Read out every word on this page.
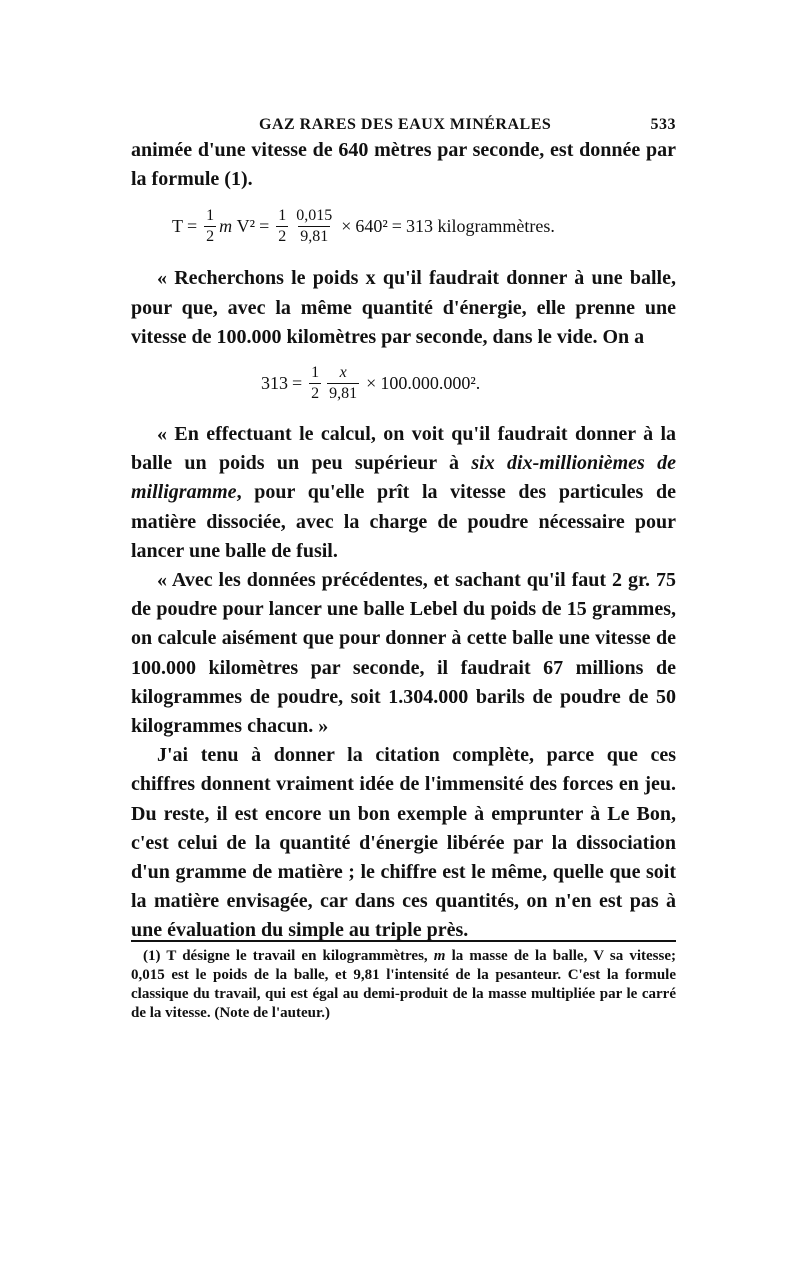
GAZ RARES DES EAUX MINÉRALES	533

animée d'une vitesse de 640 mètres par seconde, est donnée par la formule (1).

$T = \frac{1}{2}$ m
$V^2 = \frac{1}{2} \frac{0,015}{9,81} \times 640^2 = 313$ kilogrammètres.

« Recherchons le poids x qu'il faudrait donner à une balle, pour que, avec la même quantité d'énergie, elle prenne une vitesse de 100.000 kilomètres par seconde, dans le vide. On a

$313 = \frac{1}{2} \frac{x}{9,81} \times 100.000.000^2$.

« En effectuant le calcul, on voit qu'il faudrait donner à la balle un poids un peu supérieur à six dix-millionièmes de milligramme, pour qu'elle prît la vitesse des particules de matière dissociée, avec la charge de poudre nécessaire pour lancer une balle de fusil.

« Avec les données précédentes, et sachant qu'il faut 2 gr. 75 de poudre pour lancer une balle Lebel du poids de 15 grammes, on calcule aisément que pour donner à cette balle une vitesse de 100.000 kilomètres par seconde, il faudrait 67 millions de kilogrammes de poudre, soit 1.304.000 barils de poudre de 50 kilogrammes chacun. »

J'ai tenu à donner la citation complète, parce que ces chiffres donnent vraiment idée de l'immensité des forces en jeu. Du reste, il est encore un bon exemple à emprunter à Le Bon, c'est celui de la quantité d'énergie libérée par la dissociation d'un gramme de matière ; le chiffre est le même, quelle que soit la matière envisagée, car dans ces quantités, on n'en est pas à une évaluation du simple au triple près.

(1) T désigne le travail en kilogrammètres, m la masse de la balle, V sa vitesse; 0,015 est le poids de la balle, et 9,81 l'intensité de la pesanteur. C'est la formule classique du travail, qui est égal au demi-produit de la masse multipliée par le carré de la vitesse. (Note de l'auteur.)
